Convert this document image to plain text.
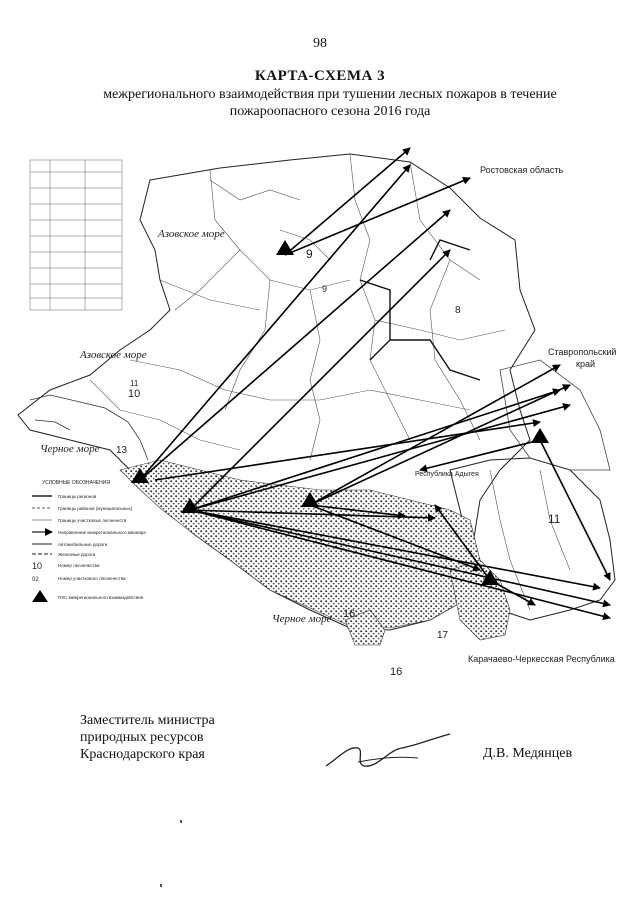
98
КАРТА-СХЕМА 3
межрегионального взаимодействия при тушении лесных пожаров в течение
пожароопасного сезона 2016 года
Азовское море
Азовское море
Черное море
Черное море
Ростовская область
Ставропольский
край
Республика Адыгея
Карачаево-Черкесская Республика
9
9
10
11
13
16
16
17
11
8
УСЛОВНЫЕ ОБОЗНАЧЕНИЯ
Границы регионов
Границы районов (муниципальных)
Границы участковых лесничеств
Направление межрегионального маневра
Автомобильные дороги
Железные дороги
10	Номер лесничества
02	Номер участкового лесничества
ПХС межрегионального взаимодействия
Заместитель министра
природных ресурсов
Краснодарского края	Д.В. Медянцев
